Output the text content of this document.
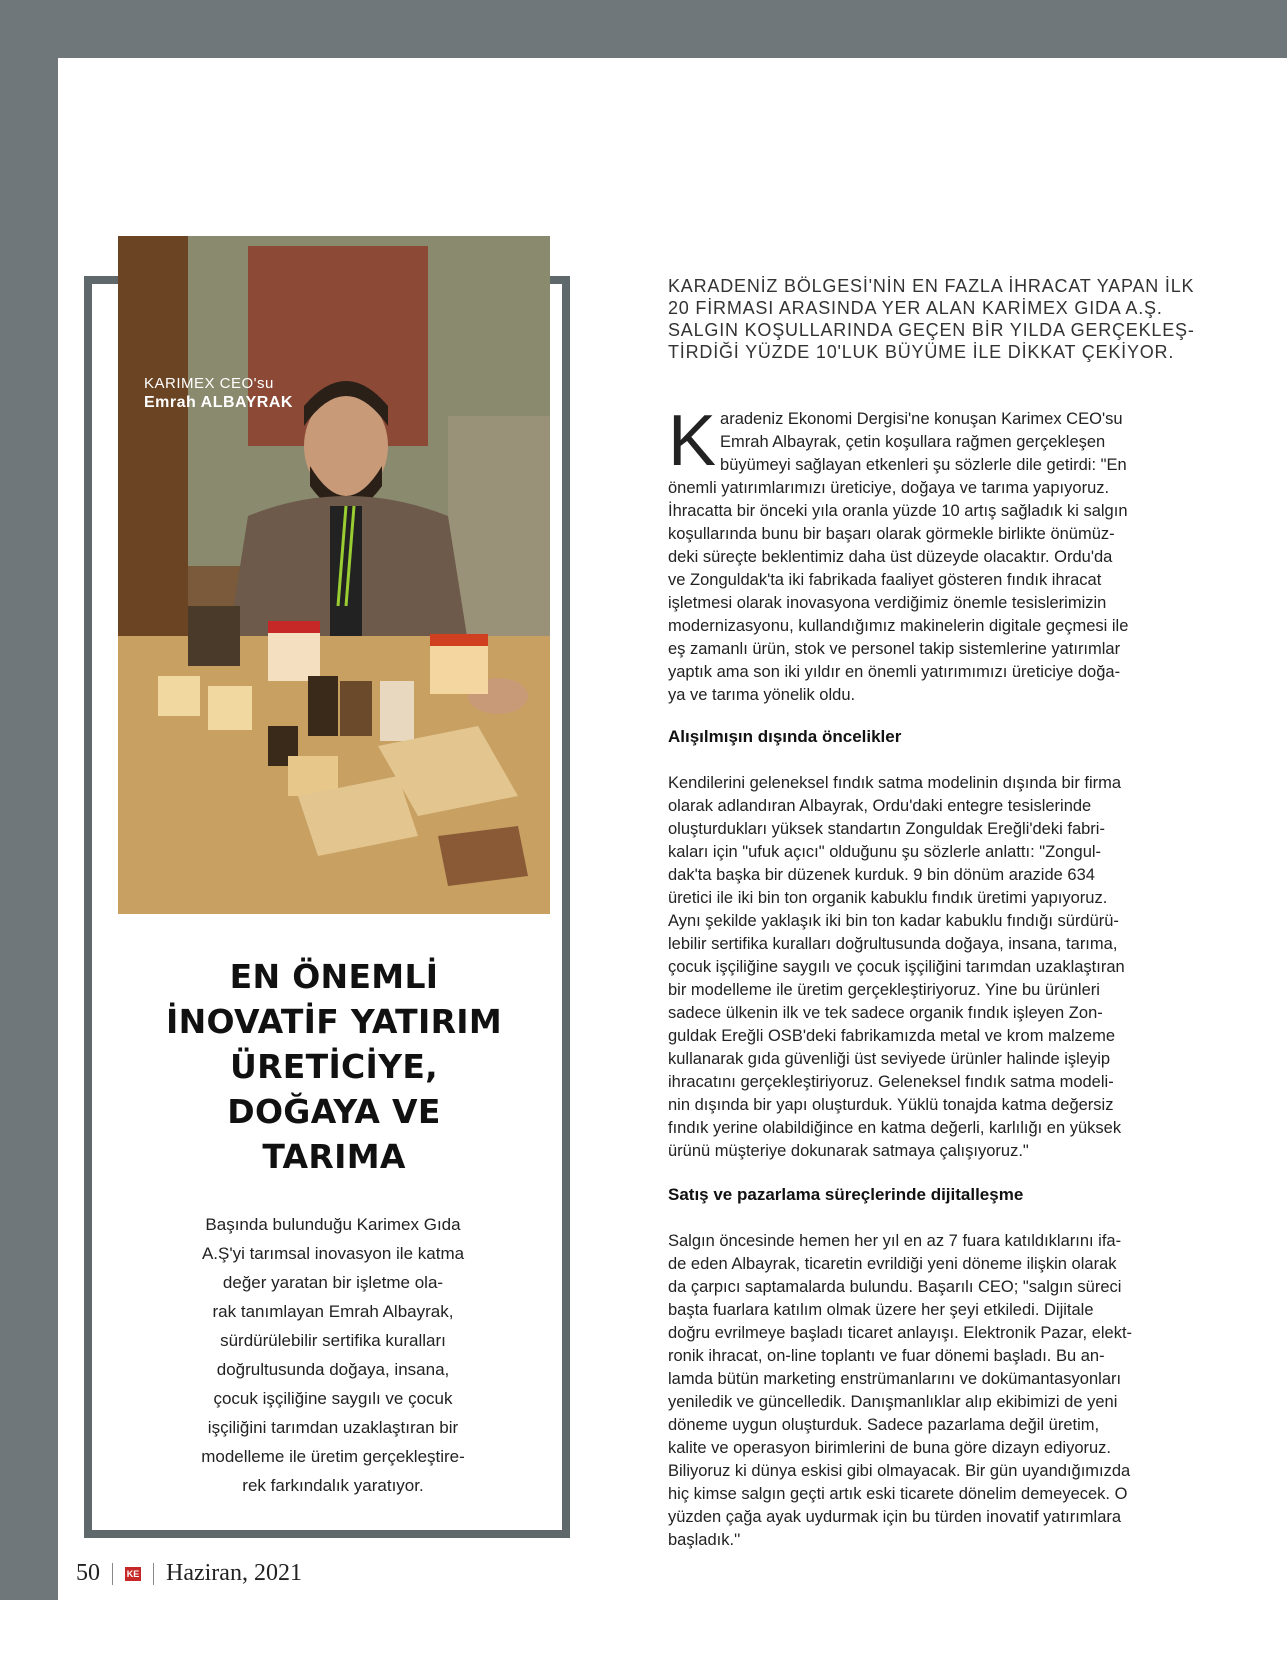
KARIMEX CEO'su
Emrah ALBAYRAK
EN ÖNEMLİ
İNOVATİF YATIRIM
ÜRETİCİYE,
DOĞAYA VE
TARIMA
Başında bulunduğu Karimex Gıda
A.Ş'yi tarımsal inovasyon ile katma
değer yaratan bir işletme ola-
rak tanımlayan Emrah Albayrak,
sürdürülebilir sertifika kuralları
doğrultusunda doğaya, insana,
çocuk işçiliğine saygılı ve çocuk
işçiliğini tarımdan uzaklaştıran bir
modelleme ile üretim gerçekleştire-
rek farkındalık yaratıyor.
KARADENİZ BÖLGESİ'NİN EN FAZLA İHRACAT YAPAN İLK
20 FİRMASI ARASINDA YER ALAN KARİMEX GIDA A.Ş.
SALGIN KOŞULLARINDA GEÇEN BİR YILDA GERÇEKLEŞ-
TİRDİĞİ YÜZDE 10'LUK BÜYÜME İLE DİKKAT ÇEKİYOR.
K aradeniz Ekonomi Dergisi'ne konuşan Karimex CEO'su
Emrah Albayrak, çetin koşullara rağmen gerçekleşen
büyümeyi sağlayan etkenleri şu sözlerle dile getirdi: "En
önemli yatırımlarımızı üreticiye, doğaya ve tarıma yapıyoruz.
İhracatta bir önceki yıla oranla yüzde 10 artış sağladık ki salgın
koşullarında bunu bir başarı olarak görmekle birlikte önümüz-
deki süreçte beklentimiz daha üst düzeyde olacaktır. Ordu'da
ve Zonguldak'ta iki fabrikada faaliyet gösteren fındık ihracat
işletmesi olarak inovasyona verdiğimiz önemle tesislerimizin
modernizasyonu, kullandığımız makinelerin digitale geçmesi ile
eş zamanlı ürün, stok ve personel takip sistemlerine yatırımlar
yaptık ama son iki yıldır en önemli yatırımımızı üreticiye doğa-
ya ve tarıma yönelik oldu.
Alışılmışın dışında öncelikler
Kendilerini geleneksel fındık satma modelinin dışında bir firma
olarak adlandıran Albayrak, Ordu'daki entegre tesislerinde
oluşturdukları yüksek standartın Zonguldak Ereğli'deki fabri-
kaları için "ufuk açıcı" olduğunu şu sözlerle anlattı: "Zongul-
dak'ta başka bir düzenek kurduk. 9 bin dönüm arazide 634
üretici ile iki bin ton organik kabuklu fındık üretimi yapıyoruz.
Aynı şekilde yaklaşık iki bin ton kadar kabuklu fındığı sürdürü-
lebilir sertifika kuralları doğrultusunda doğaya, insana, tarıma,
çocuk işçiliğine saygılı ve çocuk işçiliğini tarımdan uzaklaştıran
bir modelleme ile üretim gerçekleştiriyoruz. Yine bu ürünleri
sadece ülkenin ilk ve tek sadece organik fındık işleyen Zon-
guldak Ereğli OSB'deki fabrikamızda metal ve krom malzeme
kullanarak gıda güvenliği üst seviyede ürünler halinde işleyip
ihracatını gerçekleştiriyoruz. Geleneksel fındık satma modeli-
nin dışında bir yapı oluşturduk. Yüklü tonajda katma değersiz
fındık yerine olabildiğince en katma değerli, karlılığı en yüksek
ürünü müşteriye dokunarak satmaya çalışıyoruz."
Satış ve pazarlama süreçlerinde dijitalleşme
Salgın öncesinde hemen her yıl en az 7 fuara katıldıklarını ifa-
de eden Albayrak, ticaretin evrildiği yeni döneme ilişkin olarak
da çarpıcı saptamalarda bulundu. Başarılı CEO; "salgın süreci
başta fuarlara katılım olmak üzere her şeyi etkiledi. Dijitale
doğru evrilmeye başladı ticaret anlayışı. Elektronik Pazar, elekt-
ronik ihracat, on-line toplantı ve fuar dönemi başladı. Bu an-
lamda bütün marketing enstrümanlarını ve dokümantasyonları
yeniledik ve güncelledik. Danışmanlıklar alıp ekibimizi de yeni
döneme uygun oluşturduk. Sadece pazarlama değil üretim,
kalite ve operasyon birimlerini de buna göre dizayn ediyoruz.
Biliyoruz ki dünya eskisi gibi olmayacak. Bir gün uyandığımızda
hiç kimse salgın geçti artık eski ticarete dönelim demeyecek. O
yüzden çağa ayak uydurmak için bu türden inovatif yatırımlara
başladık.''
50	KE Haziran, 2021
